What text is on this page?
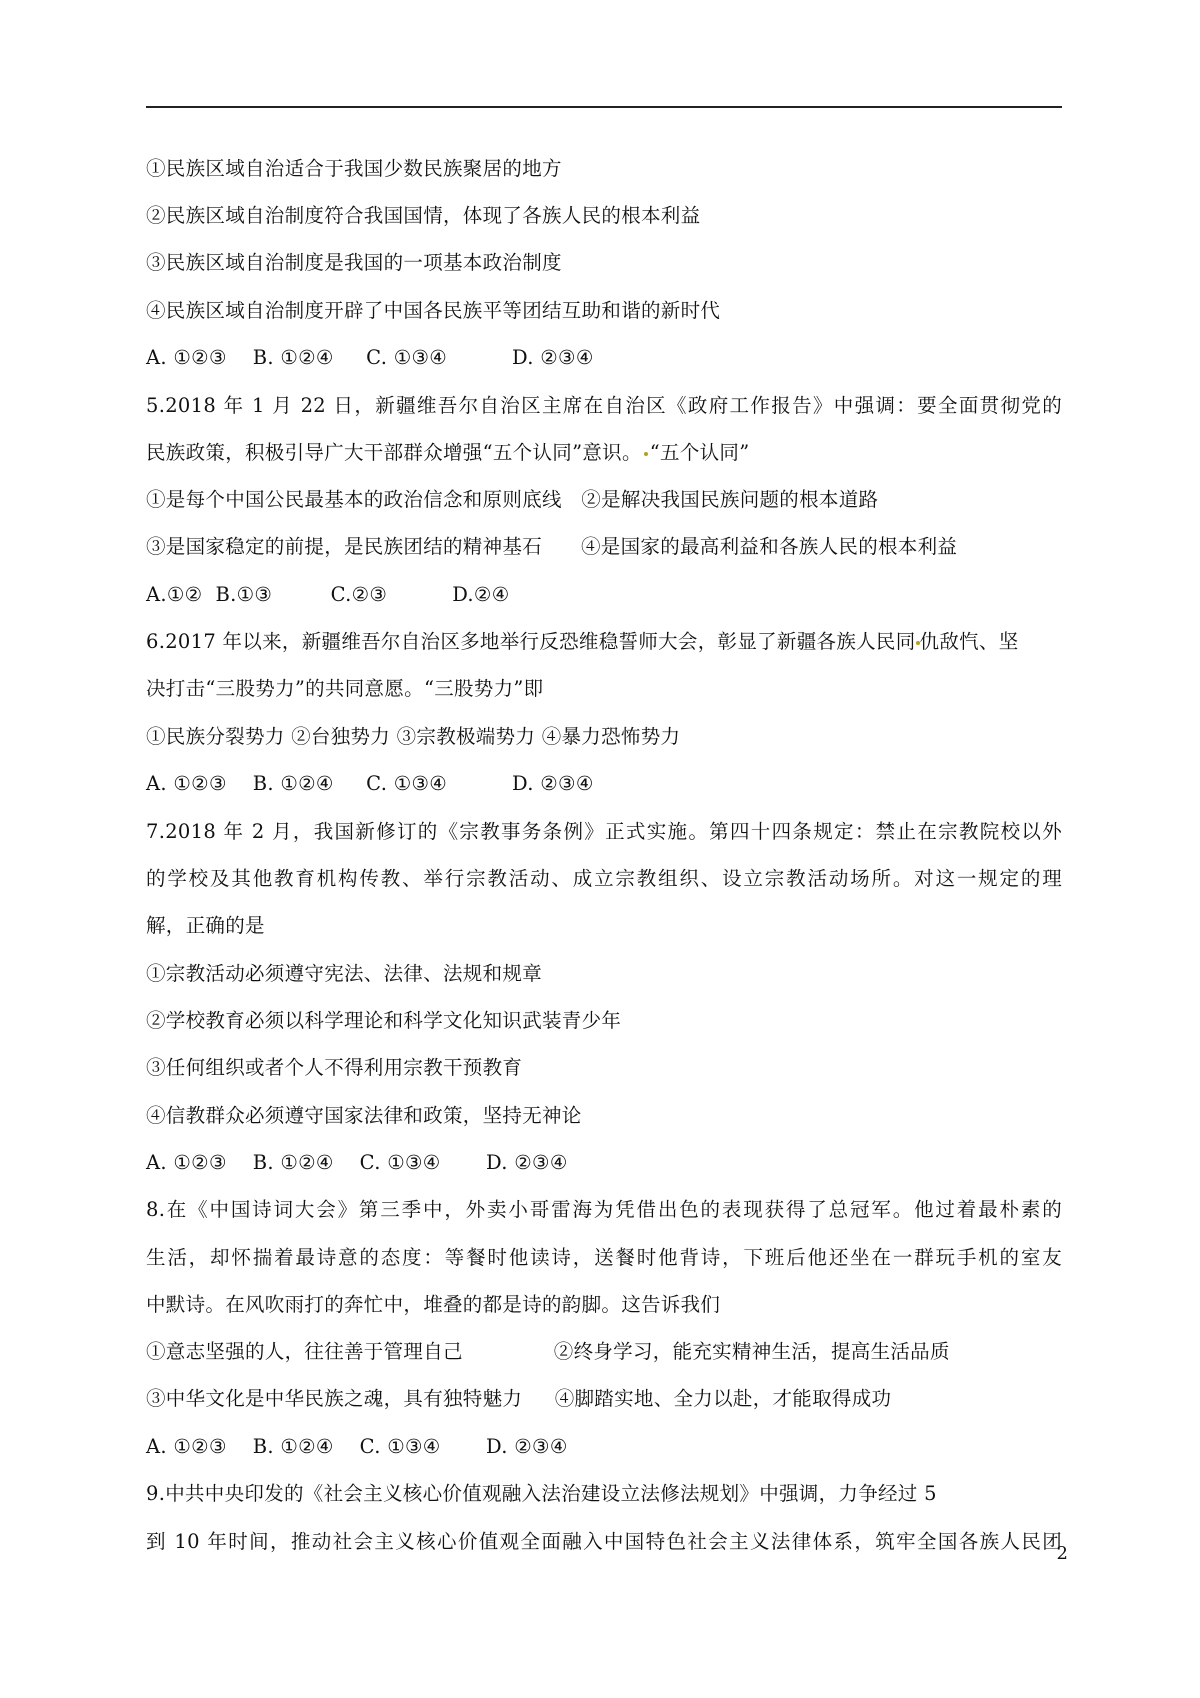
①民族区域自治适合于我国少数民族聚居的地方
②民族区域自治制度符合我国国情，体现了各族人民的根本利益
③民族区域自治制度是我国的一项基本政治制度
④民族区域自治制度开辟了中国各民族平等团结互助和谐的新时代
A. ①②③    B. ①②④     C. ①③④          D. ②③④
5.2018 年 1 月 22 日，新疆维吾尔自治区主席在自治区《政府工作报告》中强调：要全面贯彻党的
民族政策，积极引导广大干部群众增强“五个认同”意识。 “五个认同”
①是每个中国公民最基本的政治信念和原则底线   ②是解决我国民族问题的根本道路
③是国家稳定的前提，是民族团结的精神基石      ④是国家的最高利益和各族人民的根本利益
A.①②  B.①③         C.②③          D.②④
6.2017 年以来，新疆维吾尔自治区多地举行反恐维稳誓师大会，彰显了新疆各族人民同 仇敌忾、坚
决打击“三股势力”的共同意愿。“三股势力”即
①民族分裂势力 ②台独势力 ③宗教极端势力 ④暴力恐怖势力
A. ①②③    B. ①②④     C. ①③④          D. ②③④
7.2018 年 2 月，我国新修订的《宗教事务条例》正式实施。第四十四条规定：禁止在宗教院校以外
的学校及其他教育机构传教、举行宗教活动、成立宗教组织、设立宗教活动场所。对这一规定的理
解，正确的是
①宗教活动必须遵守宪法、法律、法规和规章
②学校教育必须以科学理论和科学文化知识武装青少年
③任何组织或者个人不得利用宗教干预教育
④信教群众必须遵守国家法律和政策，坚持无神论
A. ①②③    B. ①②④    C. ①③④       D. ②③④
8.在《中国诗词大会》第三季中，外卖小哥雷海为凭借出色的表现获得了总冠军。他过着最朴素的
生活，却怀揣着最诗意的态度：等餐时他读诗，送餐时他背诗，下班后他还坐在一群玩手机的室友
中默诗。在风吹雨打的奔忙中，堆叠的都是诗的韵脚。这告诉我们
①意志坚强的人，往往善于管理自己              ②终身学习，能充实精神生活，提高生活品质
③中华文化是中华民族之魂，具有独特魅力     ④脚踏实地、全力以赴，才能取得成功
A. ①②③    B. ①②④    C. ①③④       D. ②③④
9.中共中央印发的《社会主义核心价值观融入法治建设立法修法规划》中强调，力争经过 5
到 10 年时间，推动社会主义核心价值观全面融入中国特色社会主义法律体系，筑牢全国各族人民团
2
